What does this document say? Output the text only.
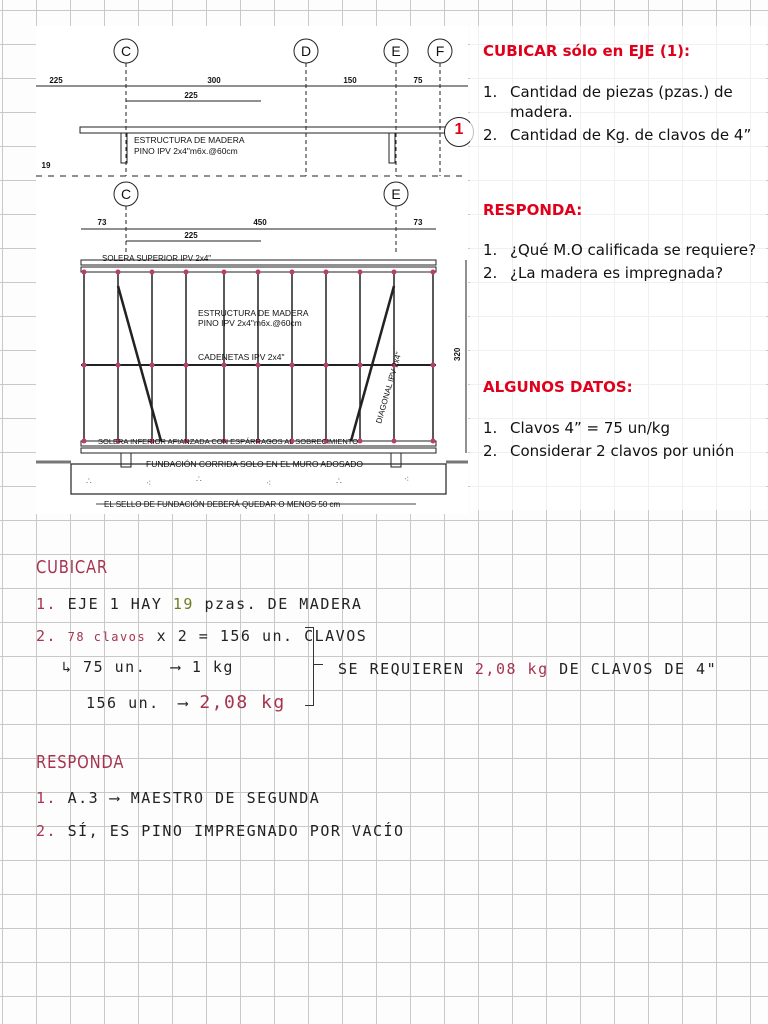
∴	⁖	∴	⁖	∴	⁖
C	D	E	F
225	300	150	75
225
19
C	E
73	450	73
225
ESTRUCTURA DE MADERA
PINO IPV 2x4"m6x.@60cm
SOLERA SUPERIOR IPV 2x4"
ESTRUCTURA DE MADERA
PINO IPV 2x4"m6x.@60cm
CADENETAS IPV 2x4"
SOLERA INFERIOR AFIANZADA CON ESPÁRRAGOS AL SOBRECIMIENTO
FUNDACIÓN CORRIDA SOLO EN EL MURO ADOSADO
EL SELLO DE FUNDACIÓN DEBERÁ QUEDAR O MENOS 50 cm
320
DIAGONAL IPV 2x4"
1
CUBICAR sólo en EJE (1):
1. Cantidad de piezas (pzas.) de madera.
2. Cantidad de Kg. de clavos de 4”
RESPONDA:
1. ¿Qué M.O calificada se requiere?
2. ¿La madera es impregnada?
ALGUNOS DATOS:
1. Clavos 4” = 75 un/kg
2. Considerar 2 clavos por unión
CUBICAR
1. EJE 1 HAY 19 pzas. DE MADERA
2. 78 clavos x 2 = 156 un. CLAVOS
↳ 75 un. ⟶ 1 kg
156 un. ⟶ 2,08 kg
SE REQUIEREN 2,08 kg DE CLAVOS DE 4"
RESPONDA
1. A.3 ⟶ MAESTRO DE SEGUNDA
2. SÍ, ES PINO IMPREGNADO POR VACÍO
